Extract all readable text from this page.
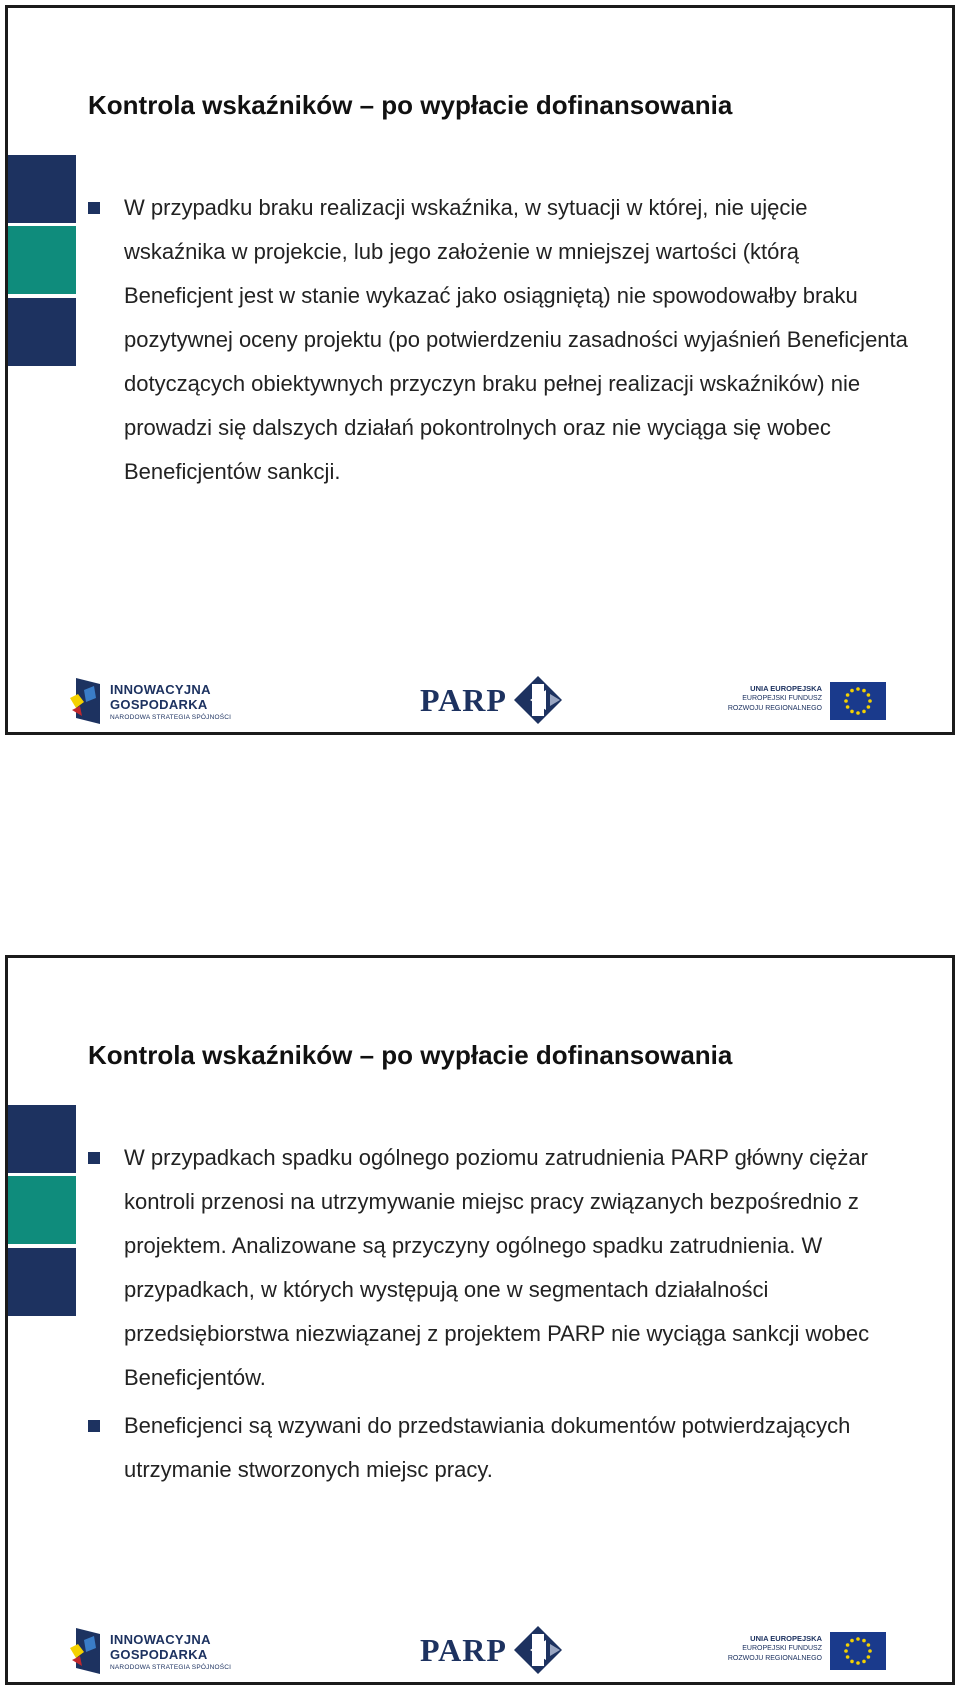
Kontrola wskaźników – po wypłacie dofinansowania
W przypadku braku realizacji wskaźnika, w sytuacji w której, nie ujęcie wskaźnika w projekcie, lub jego założenie w mniejszej wartości (którą Beneficjent jest w stanie wykazać jako osiągniętą) nie spowodowałby braku pozytywnej oceny projektu (po potwierdzeniu zasadności wyjaśnień Beneficjenta dotyczących obiektywnych przyczyn braku pełnej realizacji wskaźników) nie prowadzi się dalszych działań pokontrolnych oraz nie wyciąga się wobec Beneficjentów sankcji.
INNOWACYJNA
GOSPODARKA
NARODOWA STRATEGIA SPÓJNOŚCI	PARP	UNIA EUROPEJSKA
EUROPEJSKI FUNDUSZ
ROZWOJU REGIONALNEGO
Kontrola wskaźników – po wypłacie dofinansowania
W przypadkach spadku ogólnego poziomu zatrudnienia PARP główny ciężar kontroli przenosi na utrzymywanie miejsc pracy związanych bezpośrednio z projektem. Analizowane są przyczyny ogólnego spadku zatrudnienia. W przypadkach, w których występują one w segmentach działalności przedsiębiorstwa niezwiązanej z projektem PARP nie wyciąga sankcji wobec Beneficjentów.
Beneficjenci są wzywani do przedstawiania dokumentów potwierdzających utrzymanie stworzonych miejsc pracy.
INNOWACYJNA
GOSPODARKA
NARODOWA STRATEGIA SPÓJNOŚCI	PARP	UNIA EUROPEJSKA
EUROPEJSKI FUNDUSZ
ROZWOJU REGIONALNEGO
